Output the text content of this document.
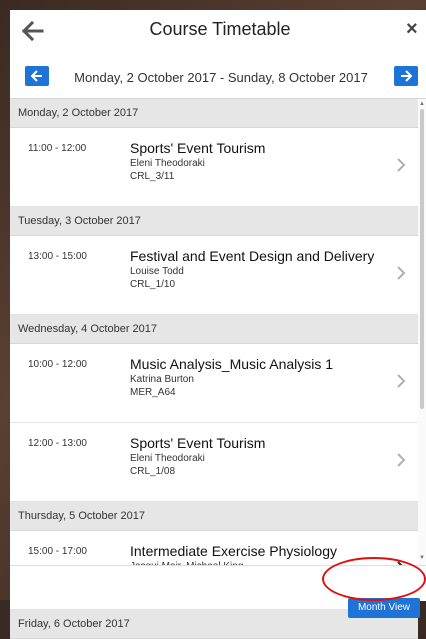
Course Timetable	×
Monday, 2 October 2017 - Sunday, 8 October 2017
Monday, 2 October 2017
11:00 - 12:00	Sports' Event Tourism
Eleni Theodoraki
CRL_3/11
Tuesday, 3 October 2017
13:00 - 15:00	Festival and Event Design and Delivery
Louise Todd
CRL_1/10
Wednesday, 4 October 2017
10:00 - 12:00	Music Analysis_Music Analysis 1
Katrina Burton
MER_A64
12:00 - 13:00	Sports' Event Tourism
Eleni Theodoraki
CRL_1/08
Thursday, 5 October 2017
15:00 - 17:00	Intermediate Exercise Physiology
Friday, 6 October 2017
▲
▼
Month View
